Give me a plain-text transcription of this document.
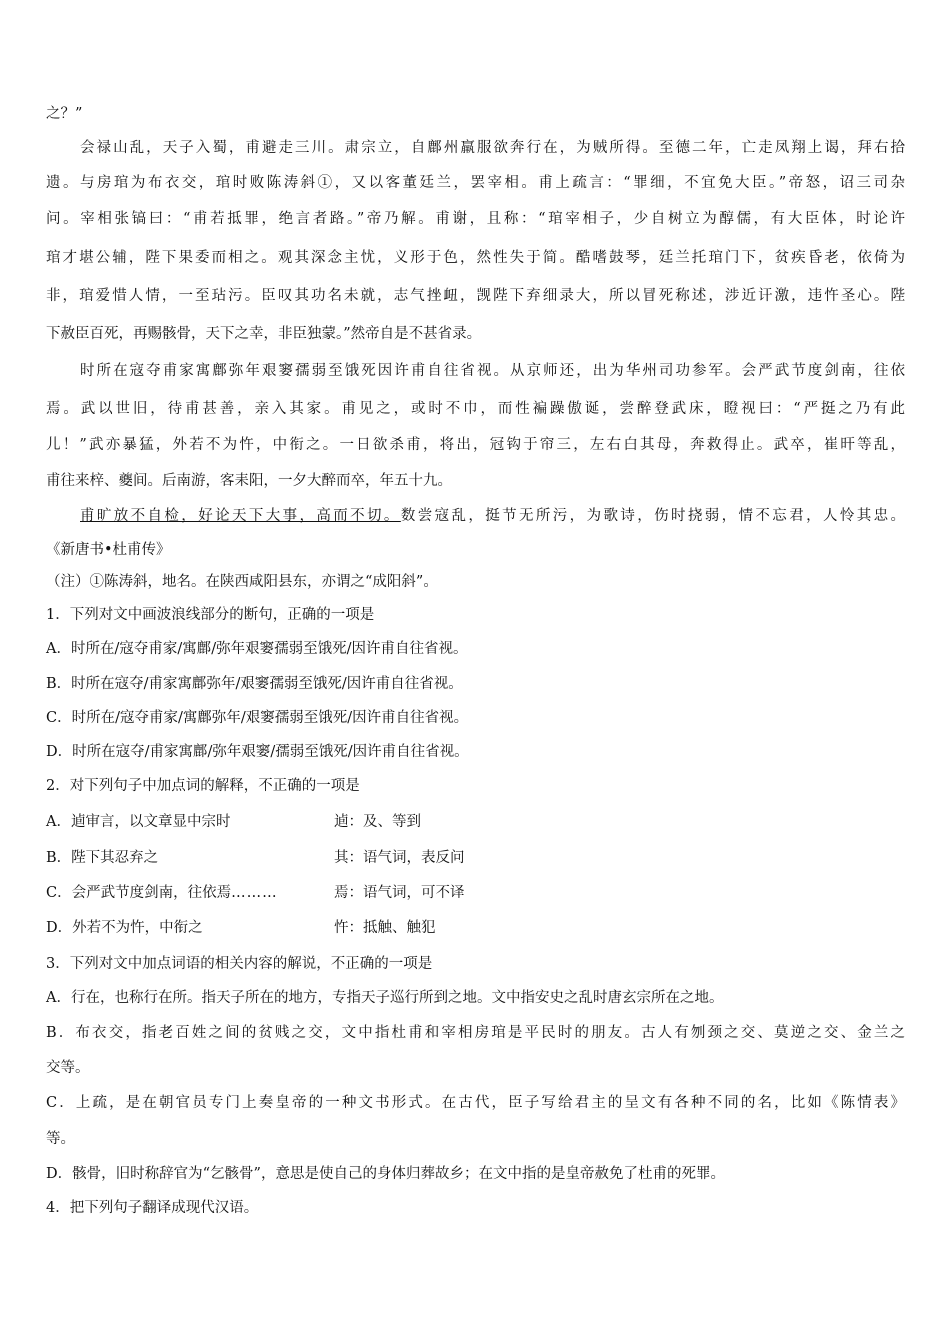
之？”
会禄山乱，天子入蜀，甫避走三川。肃宗立，自鄜州羸服欲奔行在，为贼所得。至德二年，亡走凤翔上谒，拜右拾
遗。与房琯为布衣交，琯时败陈涛斜①，又以客董廷兰，罢宰相。甫上疏言：“罪细，不宜免大臣。”帝怒，诏三司杂
问。宰相张镐曰：“甫若抵罪，绝言者路。”帝乃解。甫谢，且称：“琯宰相子，少自树立为醇儒，有大臣体，时论许
琯才堪公辅，陛下果委而相之。观其深念主忧，义形于色，然性失于简。酷嗜鼓琴，廷兰托琯门下，贫疾昏老，依倚为
非，琯爱惜人情，一至玷污。臣叹其功名未就，志气挫衄，觊陛下弃细录大，所以冒死称述，涉近讦激，违忤圣心。陛
下赦臣百死，再赐骸骨，天下之幸，非臣独蒙。”然帝自是不甚省录。
时所在寇夺甫家寓鄜弥年艰窭孺弱至饿死因许甫自往省视。从京师还，出为华州司功参军。会严武节度剑南，往依
焉。武以世旧，待甫甚善，亲入其家。甫见之，或时不巾，而性褊躁傲诞，尝醉登武床，瞪视曰：“严挺之乃有此
儿！”武亦暴猛，外若不为忤，中衔之。一日欲杀甫，将出，冠钩于帘三，左右白其母，奔救得止。武卒，崔旰等乱，
甫往来梓、夔间。后南游，客耒阳，一夕大醉而卒，年五十九。
甫旷放不自检，好论天下大事，高而不切。数尝寇乱，挺节无所污，为歌诗，伤时挠弱，情不忘君，人怜其忠。
《新唐书•杜甫传》
（注）①陈涛斜，地名。在陕西咸阳县东，亦谓之“成阳斜”。
1．下列对文中画波浪线部分的断句，正确的一项是
A．时所在/寇夺甫家/寓鄜/弥年艰窭孺弱至饿死/因许甫自往省视。
B．时所在寇夺/甫家寓鄜弥年/艰窭孺弱至饿死/因许甫自往省视。
C．时所在/寇夺甫家/寓鄜弥年/艰窭孺弱至饿死/因许甫自往省视。
D．时所在寇夺/甫家寓鄜/弥年艰窭/孺弱至饿死/因许甫自往省视。
2．对下列句子中加点词的解释，不正确的一项是
A．逌审言，以文章显中宗时	逌：及、等到
B．陛下其忍弃之	其：语气词，表反问
C．会严武节度剑南，往依焉………	焉：语气词，可不译
D．外若不为忤，中衔之	忤：抵触、触犯
3．下列对文中加点词语的相关内容的解说，不正确的一项是
A．行在，也称行在所。指天子所在的地方，专指天子巡行所到之地。文中指安史之乱时唐玄宗所在之地。
B．布衣交，指老百姓之间的贫贱之交，文中指杜甫和宰相房琯是平民时的朋友。古人有刎颈之交、莫逆之交、金兰之
交等。
C．上疏，是在朝官员专门上奏皇帝的一种文书形式。在古代，臣子写给君主的呈文有各种不同的名，比如《陈情表》
等。
D．骸骨，旧时称辞官为“乞骸骨”，意思是使自己的身体归葬故乡；在文中指的是皇帝赦免了杜甫的死罪。
4．把下列句子翻译成现代汉语。
